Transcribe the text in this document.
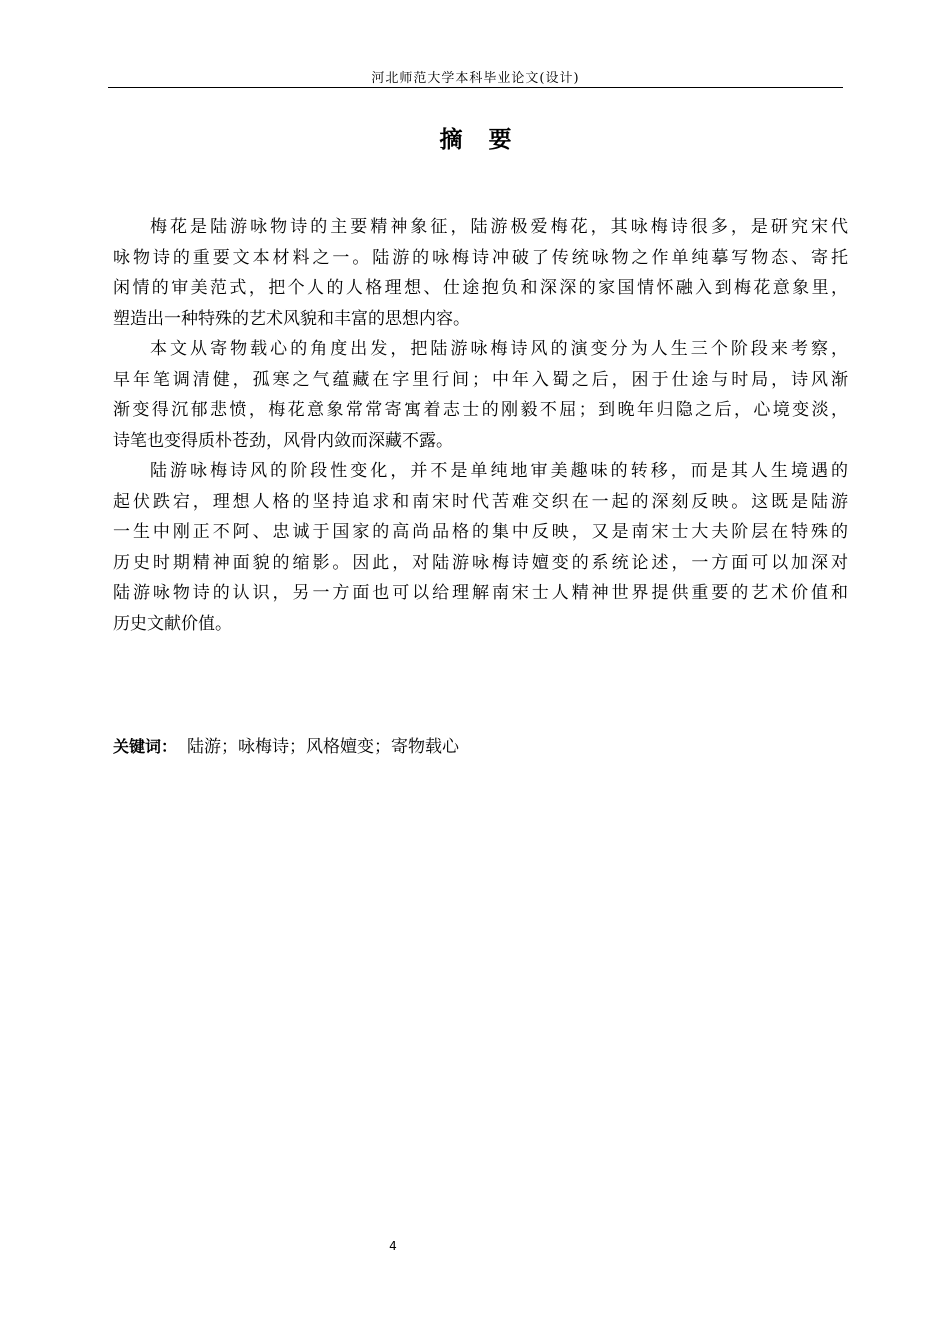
河北师范大学本科毕业论文(设计)
摘要

梅花是陆游咏物诗的主要精神象征，陆游极爱梅花，其咏梅诗很多，是研究宋代
咏物诗的重要文本材料之一。陆游的咏梅诗冲破了传统咏物之作单纯摹写物态、寄托
闲情的审美范式，把个人的人格理想、仕途抱负和深深的家国情怀融入到梅花意象里，
塑造出一种特殊的艺术风貌和丰富的思想内容。

本文从寄物载心的角度出发，把陆游咏梅诗风的演变分为人生三个阶段来考察，
早年笔调清健，孤寒之气蕴藏在字里行间；中年入蜀之后，困于仕途与时局，诗风渐
渐变得沉郁悲愤，梅花意象常常寄寓着志士的刚毅不屈；到晚年归隐之后，心境变淡，
诗笔也变得质朴苍劲，风骨内敛而深藏不露。

陆游咏梅诗风的阶段性变化，并不是单纯地审美趣味的转移，而是其人生境遇的
起伏跌宕，理想人格的坚持追求和南宋时代苦难交织在一起的深刻反映。这既是陆游
一生中刚正不阿、忠诚于国家的高尚品格的集中反映，又是南宋士大夫阶层在特殊的
历史时期精神面貌的缩影。因此，对陆游咏梅诗嬗变的系统论述，一方面可以加深对
陆游咏物诗的认识，另一方面也可以给理解南宋士人精神世界提供重要的艺术价值和
历史文献价值。

关键词： 陆游；咏梅诗；风格嬗变；寄物载心
4
